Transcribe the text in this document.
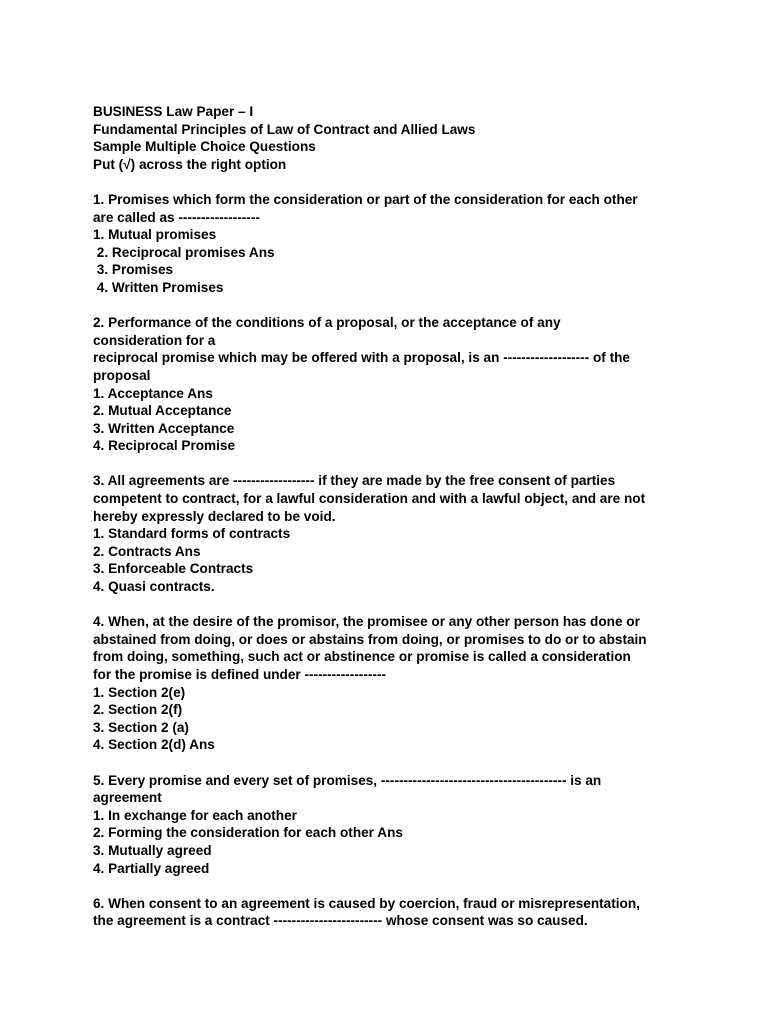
BUSINESS Law Paper – I
Fundamental Principles of Law of Contract and Allied Laws
Sample Multiple Choice Questions
Put (√) across the right option
1. Promises which form the consideration or part of the consideration for each other
are called as ------------------
1. Mutual promises
2. Reciprocal promises Ans
3. Promises
4. Written Promises
2. Performance of the conditions of a proposal, or the acceptance of any
consideration for a
reciprocal promise which may be offered with a proposal, is an ------------------- of the
proposal
1. Acceptance Ans
2. Mutual Acceptance
3. Written Acceptance
4. Reciprocal Promise
3. All agreements are ------------------ if they are made by the free consent of parties
competent to contract, for a lawful consideration and with a lawful object, and are not
hereby expressly declared to be void.
1. Standard forms of contracts
2. Contracts Ans
3. Enforceable Contracts
4. Quasi contracts.
4. When, at the desire of the promisor, the promisee or any other person has done or
abstained from doing, or does or abstains from doing, or promises to do or to abstain
from doing, something, such act or abstinence or promise is called a consideration
for the promise is defined under ------------------
1. Section 2(e)
2. Section 2(f)
3. Section 2 (a)
4. Section 2(d) Ans
5. Every promise and every set of promises, ----------------------------------------- is an
agreement
1. In exchange for each another
2. Forming the consideration for each other Ans
3. Mutually agreed
4. Partially agreed
6. When consent to an agreement is caused by coercion, fraud or misrepresentation,
the agreement is a contract ------------------------ whose consent was so caused.
